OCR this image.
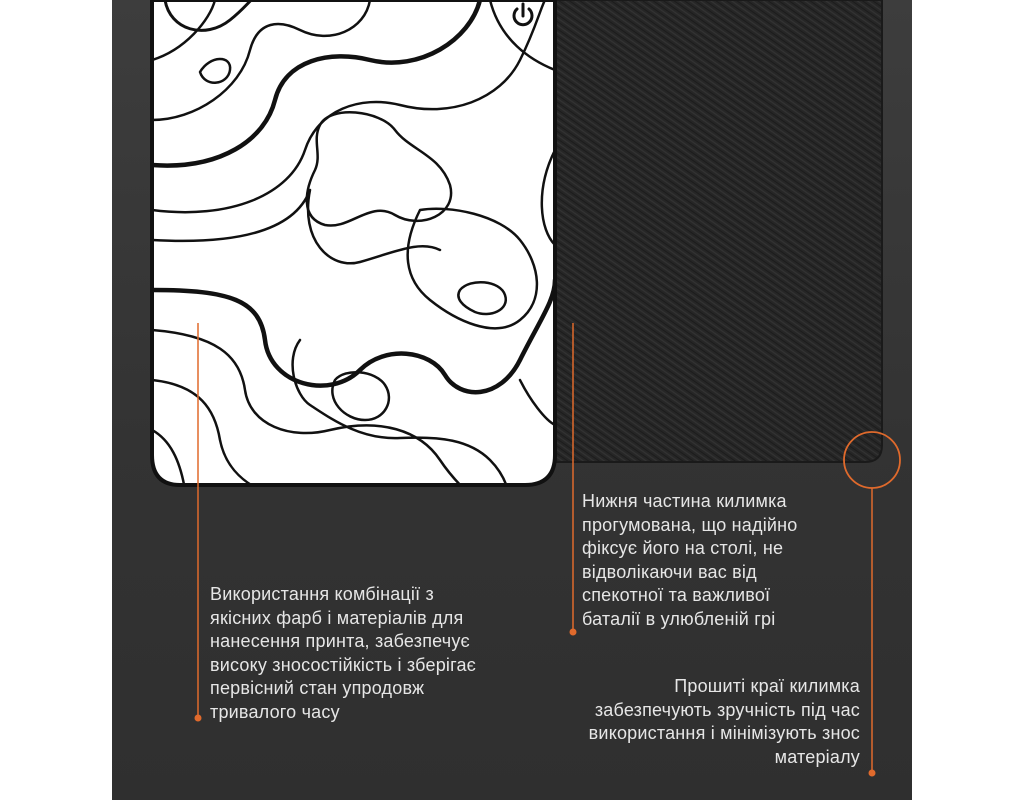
Використання комбінації з
якісних фарб і матеріалів для
нанесення принта, забезпечує
високу зносостійкість і зберігає
первісний стан упродовж
тривалого часу
Нижня частина килимка
прогумована, що надійно
фіксує його на столі, не
відволікаючи вас від
спекотної та важливої
баталії в улюбленій грі
Прошиті краї килимка
забезпечують зручність під час
використання і мінімізують знос
матеріалу
